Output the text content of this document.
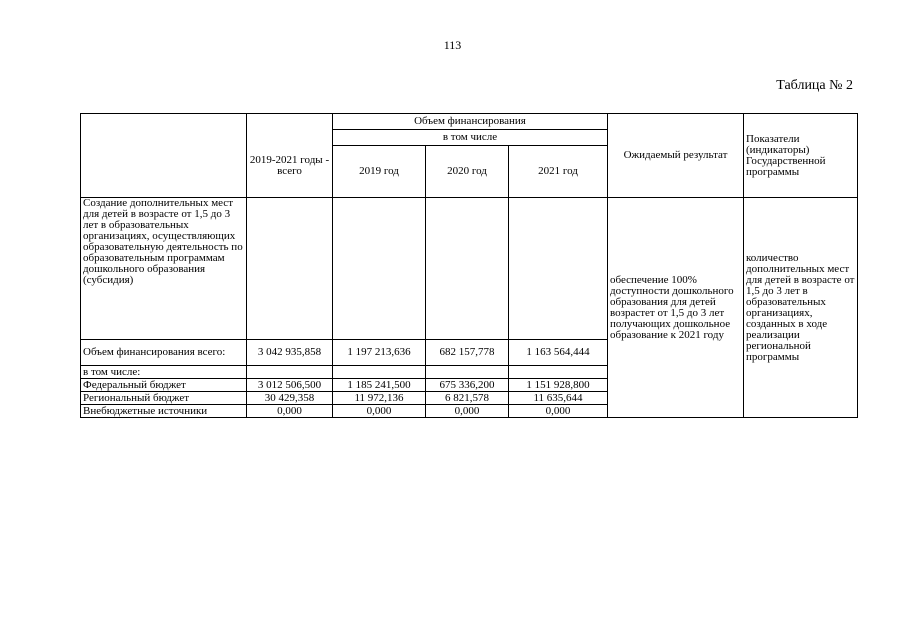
113
Таблица № 2
	2019-2021 годы - всего	Объем финансирования			Ожидаемый результат	Показатели (индикаторы) Государственной программы
		в том числе				
		2019 год	2020 год	2021 год		
Создание дополнительных мест для детей в возрасте от 1,5 до 3 лет в образовательных организациях, осуществляющих образовательную деятельность по образовательным программам дошкольного образования (субсидия)					обеспечение 100% доступности дошкольного образования для детей возрастет от 1,5 до 3 лет получающих дошкольное образование к 2021 году	количество дополнительных мест для детей в возрасте от 1,5 до 3 лет в образовательных организациях, созданных в ходе реализации региональной программы
Объем финансирования всего:	3 042 935,858	1 197 213,636	682 157,778	1 163 564,444		
в том числе:						
Федеральный бюджет	3 012 506,500	1 185 241,500	675 336,200	1 151 928,800		
Региональный бюджет	30 429,358	11 972,136	6 821,578	11 635,644		
Внебюджетные источники	0,000	0,000	0,000	0,000		
